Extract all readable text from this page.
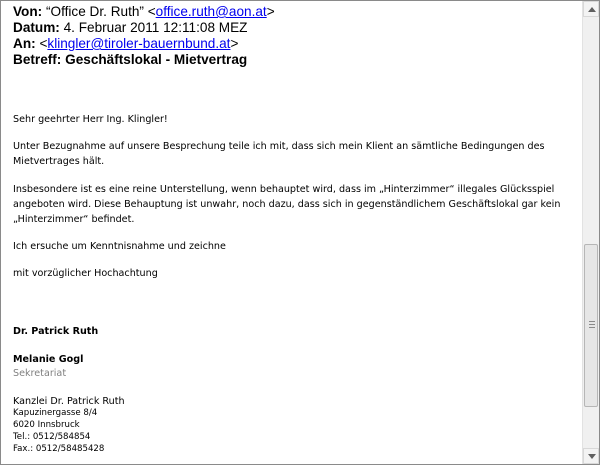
Von: “Office Dr. Ruth” <office.ruth@aon.at>
Datum: 4. Februar 2011 12:11:08 MEZ
An: <klingler@tiroler-bauernbund.at>
Betreff: Geschäftslokal - Mietvertrag
Sehr geehrter Herr Ing. Klingler!
Unter Bezugnahme auf unsere Besprechung teile ich mit, dass sich mein Klient an sämtliche Bedingungen des Mietvertrages hält.
Insbesondere ist es eine reine Unterstellung, wenn behauptet wird, dass im „Hinterzimmer“ illegales Glücksspiel angeboten wird. Diese Behauptung ist unwahr, noch dazu, dass sich in gegenständlichem Geschäftslokal gar kein „Hinterzimmer“ befindet.
Ich ersuche um Kenntnisnahme und zeichne
mit vorzüglicher Hochachtung
Dr. Patrick Ruth
Melanie Gogl
Sekretariat
Kanzlei Dr. Patrick Ruth
Kapuzinergasse 8/4
6020 Innsbruck
Tel.: 0512/584854
Fax.: 0512/58485428
